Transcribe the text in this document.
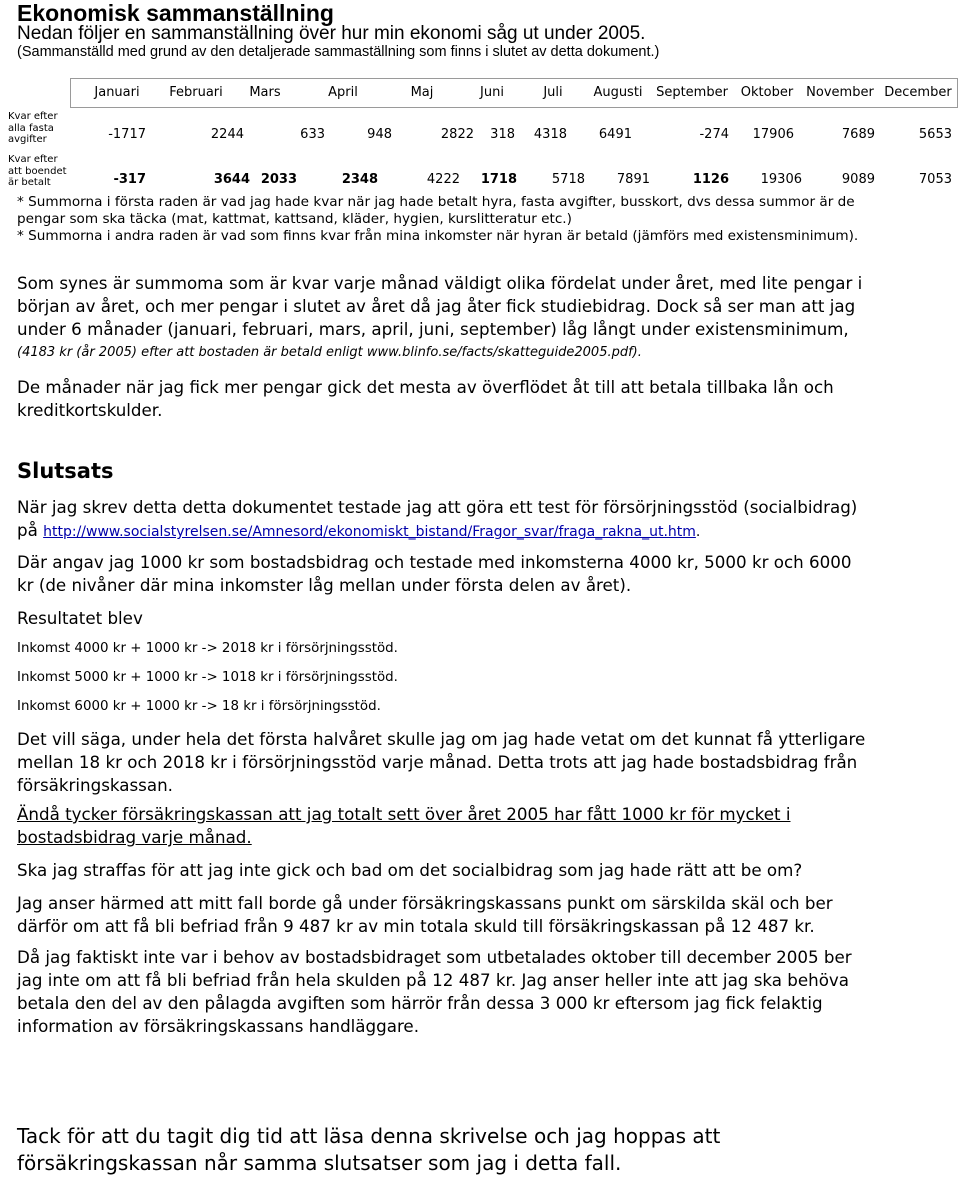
Ekonomisk sammanställning
Nedan följer en sammanställning över hur min ekonomi såg ut under 2005.
(Sammanställd med grund av den detaljerade sammaställning som finns i slutet av detta dokument.)
Januari	Februari	Mars	April	Maj	Juni	Juli	Augusti	September Oktober November December
Kvar efter
alla fasta
avgifter
Kvar efter
att boendet
är betalt
-1717	2244	633	948	2822 318 4318 6491	-274 17906	7689	5653
-317	3644 2033	2348	4222 1718	5718 7891	1126 19306	9089	7053
* Summorna i första raden är vad jag hade kvar när jag hade betalt hyra, fasta avgifter, busskort, dvs dessa summor är de
pengar som ska täcka (mat, kattmat, kattsand, kläder, hygien, kurslitteratur etc.)
* Summorna i andra raden är vad som finns kvar från mina inkomster när hyran är betald (jämförs med existensminimum).
Som synes är summoma som är kvar varje månad väldigt olika fördelat under året, med lite pengar i
början av året, och mer pengar i slutet av året då jag åter fick studiebidrag. Dock så ser man att jag
under 6 månader (januari, februari, mars, april, juni, september) låg långt under existensminimum,
(4183 kr (år 2005) efter att bostaden är betald enligt www.blinfo.se/facts/skatteguide2005.pdf).
De månader när jag fick mer pengar gick det mesta av överflödet åt till att betala tillbaka lån och
kreditkortskulder.
Slutsats
När jag skrev detta detta dokumentet testade jag att göra ett test för försörjningsstöd (socialbidrag)
på http://www.socialstyrelsen.se/Amnesord/ekonomiskt_bistand/Fragor_svar/fraga_rakna_ut.htm.
Där angav jag 1000 kr som bostadsbidrag och testade med inkomsterna 4000 kr, 5000 kr och 6000
kr (de nivåner där mina inkomster låg mellan under första delen av året).
Resultatet blev
Inkomst 4000 kr + 1000 kr -> 2018 kr i försörjningsstöd.
Inkomst 5000 kr + 1000 kr -> 1018 kr i försörjningsstöd.
Inkomst 6000 kr + 1000 kr -> 18 kr i försörjningsstöd.
Det vill säga, under hela det första halvåret skulle jag om jag hade vetat om det kunnat få ytterligare
mellan 18 kr och 2018 kr i försörjningsstöd varje månad. Detta trots att jag hade bostadsbidrag från
försäkringskassan.
Ändå tycker försäkringskassan att jag totalt sett över året 2005 har fått 1000 kr för mycket i
bostadsbidrag varje månad.
Ska jag straffas för att jag inte gick och bad om det socialbidrag som jag hade rätt att be om?
Jag anser härmed att mitt fall borde gå under försäkringskassans punkt om särskilda skäl och ber
därför om att få bli befriad från 9 487 kr av min totala skuld till försäkringskassan på 12 487 kr.
Då jag faktiskt inte var i behov av bostadsbidraget som utbetalades oktober till december 2005 ber
jag inte om att få bli befriad från hela skulden på 12 487 kr. Jag anser heller inte att jag ska behöva
betala den del av den pålagda avgiften som härrör från dessa 3 000 kr eftersom jag fick felaktig
information av försäkringskassans handläggare.
Tack för att du tagit dig tid att läsa denna skrivelse och jag hoppas att
försäkringskassan når samma slutsatser som jag i detta fall.
